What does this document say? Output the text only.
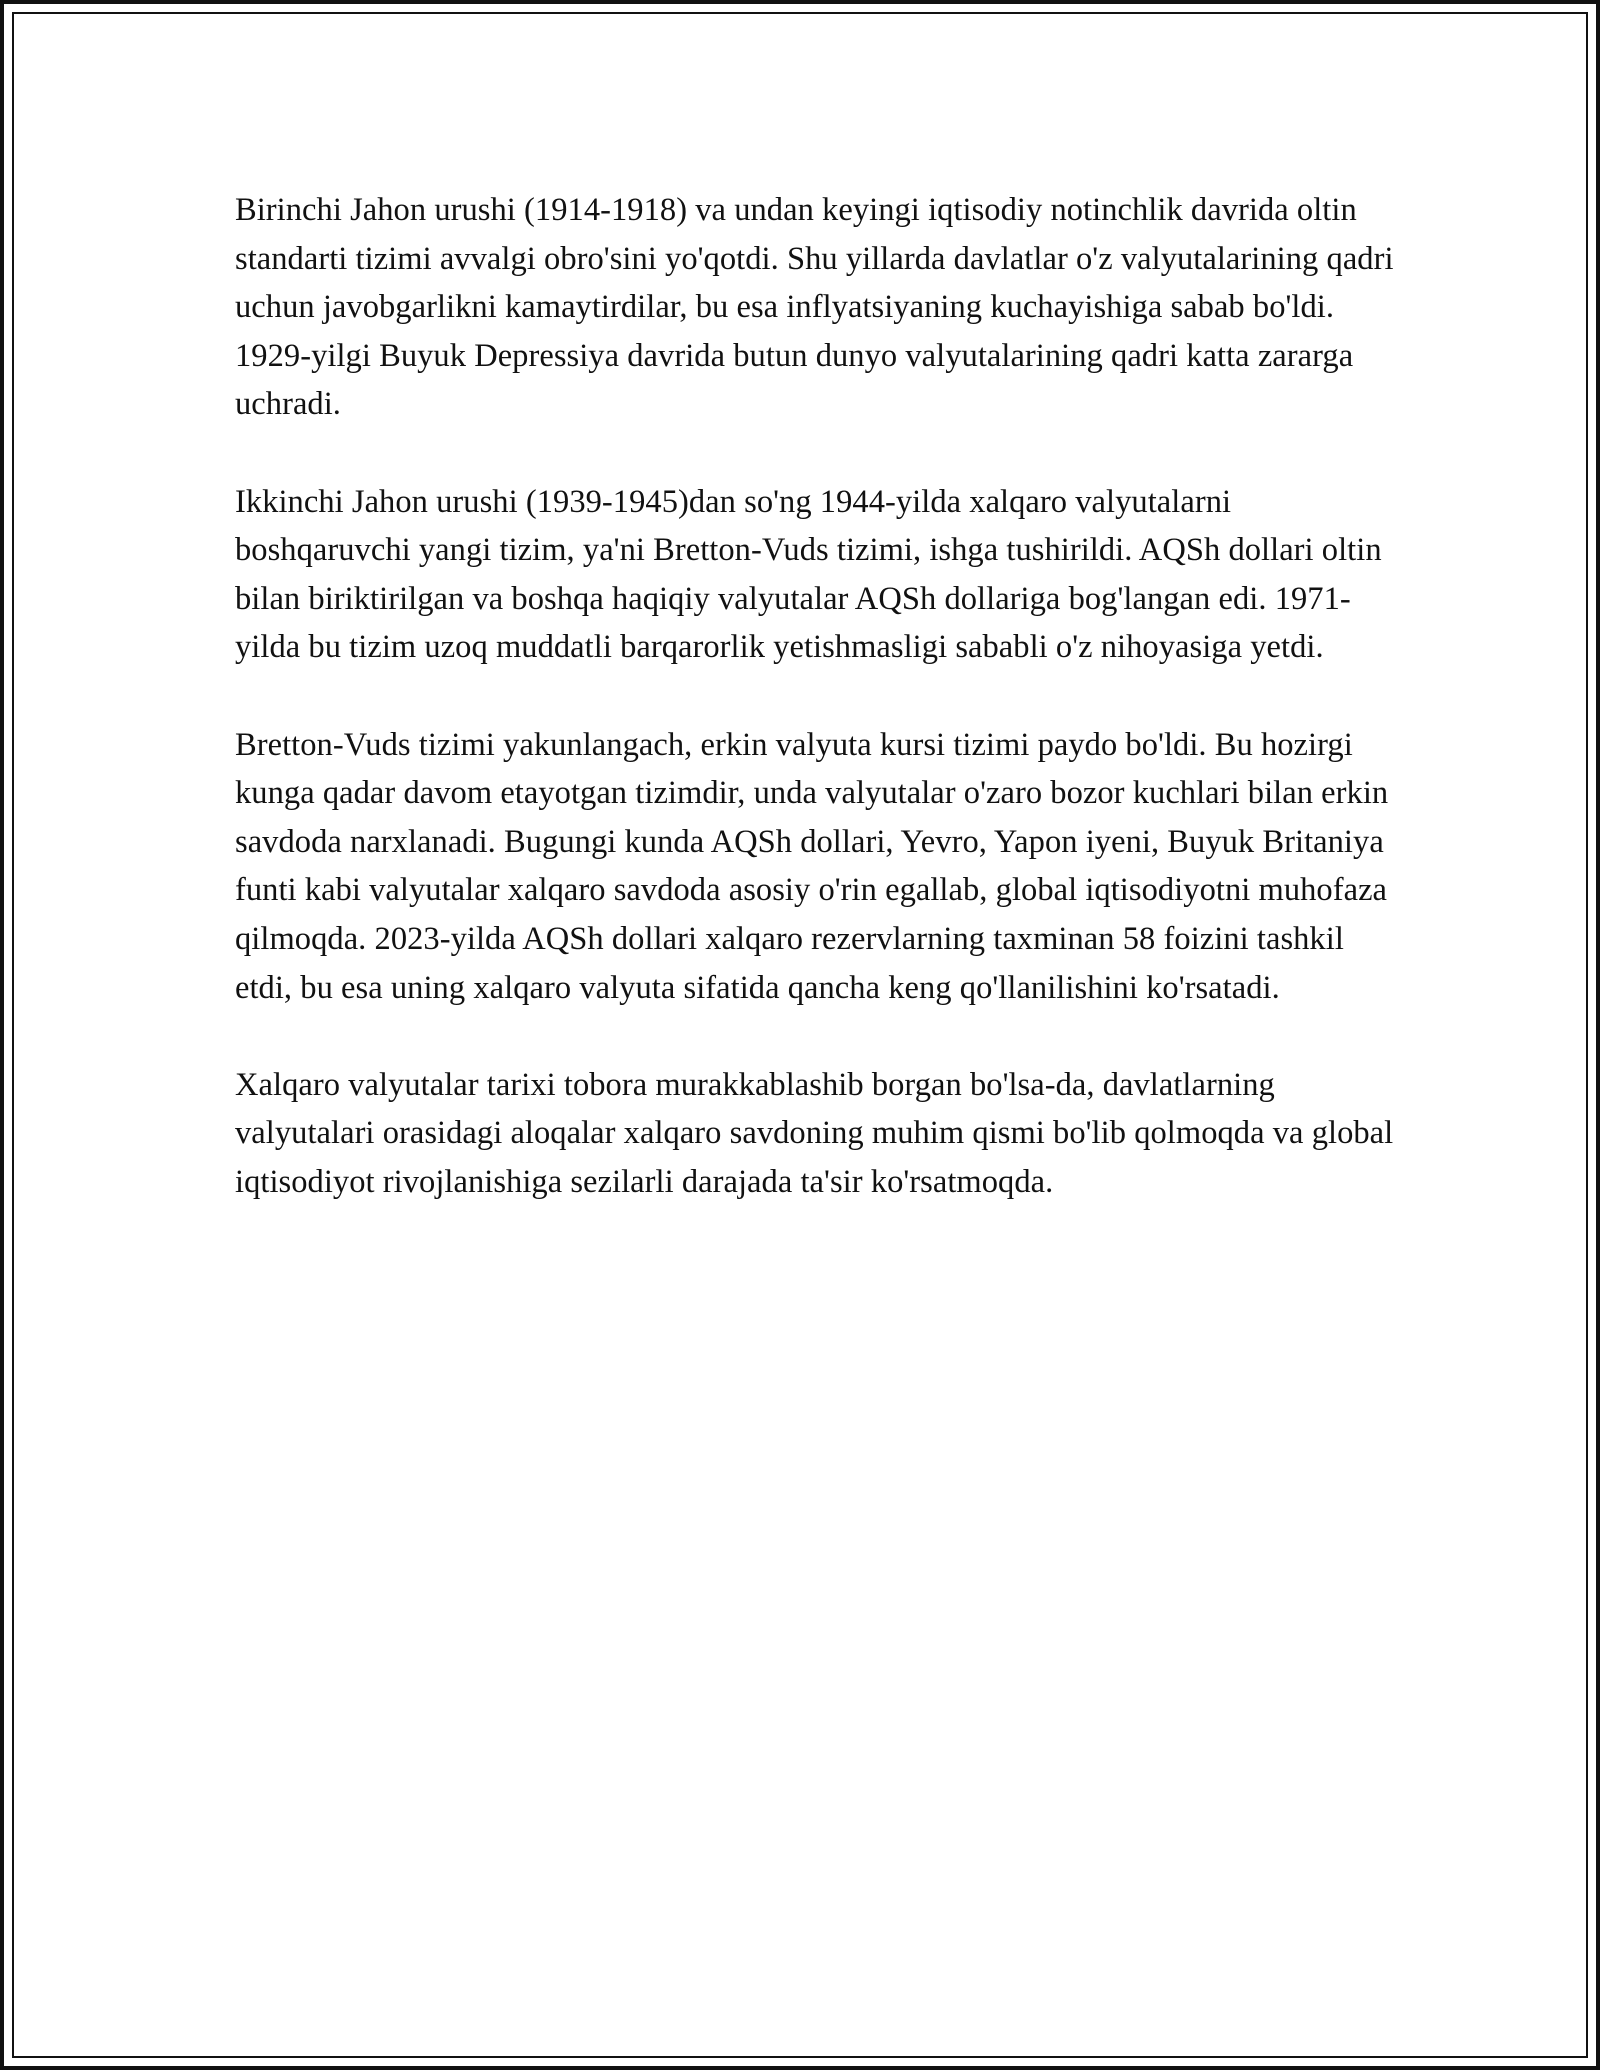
Birinchi Jahon urushi (1914-1918) va undan keyingi iqtisodiy notinchlik davrida oltin standarti tizimi avvalgi obro'sini yo'qotdi. Shu yillarda davlatlar o'z valyutalarining qadri uchun javobgarlikni kamaytirdilar, bu esa inflyatsiyaning kuchayishiga sabab bo'ldi. 1929-yilgi Buyuk Depressiya davrida butun dunyo valyutalarining qadri katta zararga uchradi.

Ikkinchi Jahon urushi (1939-1945)dan so'ng 1944-yilda xalqaro valyutalarni boshqaruvchi yangi tizim, ya'ni Bretton-Vuds tizimi, ishga tushirildi. AQSh dollari oltin bilan biriktirilgan va boshqa haqiqiy valyutalar AQSh dollariga bog'langan edi. 1971-yilda bu tizim uzoq muddatli barqarorlik yetishmasligi sababli o'z nihoyasiga yetdi.

Bretton-Vuds tizimi yakunlangach, erkin valyuta kursi tizimi paydo bo'ldi. Bu hozirgi kunga qadar davom etayotgan tizimdir, unda valyutalar o'zaro bozor kuchlari bilan erkin savdoda narxlanadi. Bugungi kunda AQSh dollari, Yevro, Yapon iyeni, Buyuk Britaniya funti kabi valyutalar xalqaro savdoda asosiy o'rin egallab, global iqtisodiyotni muhofaza qilmoqda. 2023-yilda AQSh dollari xalqaro rezervlarning taxminan 58 foizini tashkil etdi, bu esa uning xalqaro valyuta sifatida qancha keng qo'llanilishini ko'rsatadi.

Xalqaro valyutalar tarixi tobora murakkablashib borgan bo'lsa-da, davlatlarning valyutalari orasidagi aloqalar xalqaro savdoning muhim qismi bo'lib qolmoqda va global iqtisodiyot rivojlanishiga sezilarli darajada ta'sir ko'rsatmoqda.
